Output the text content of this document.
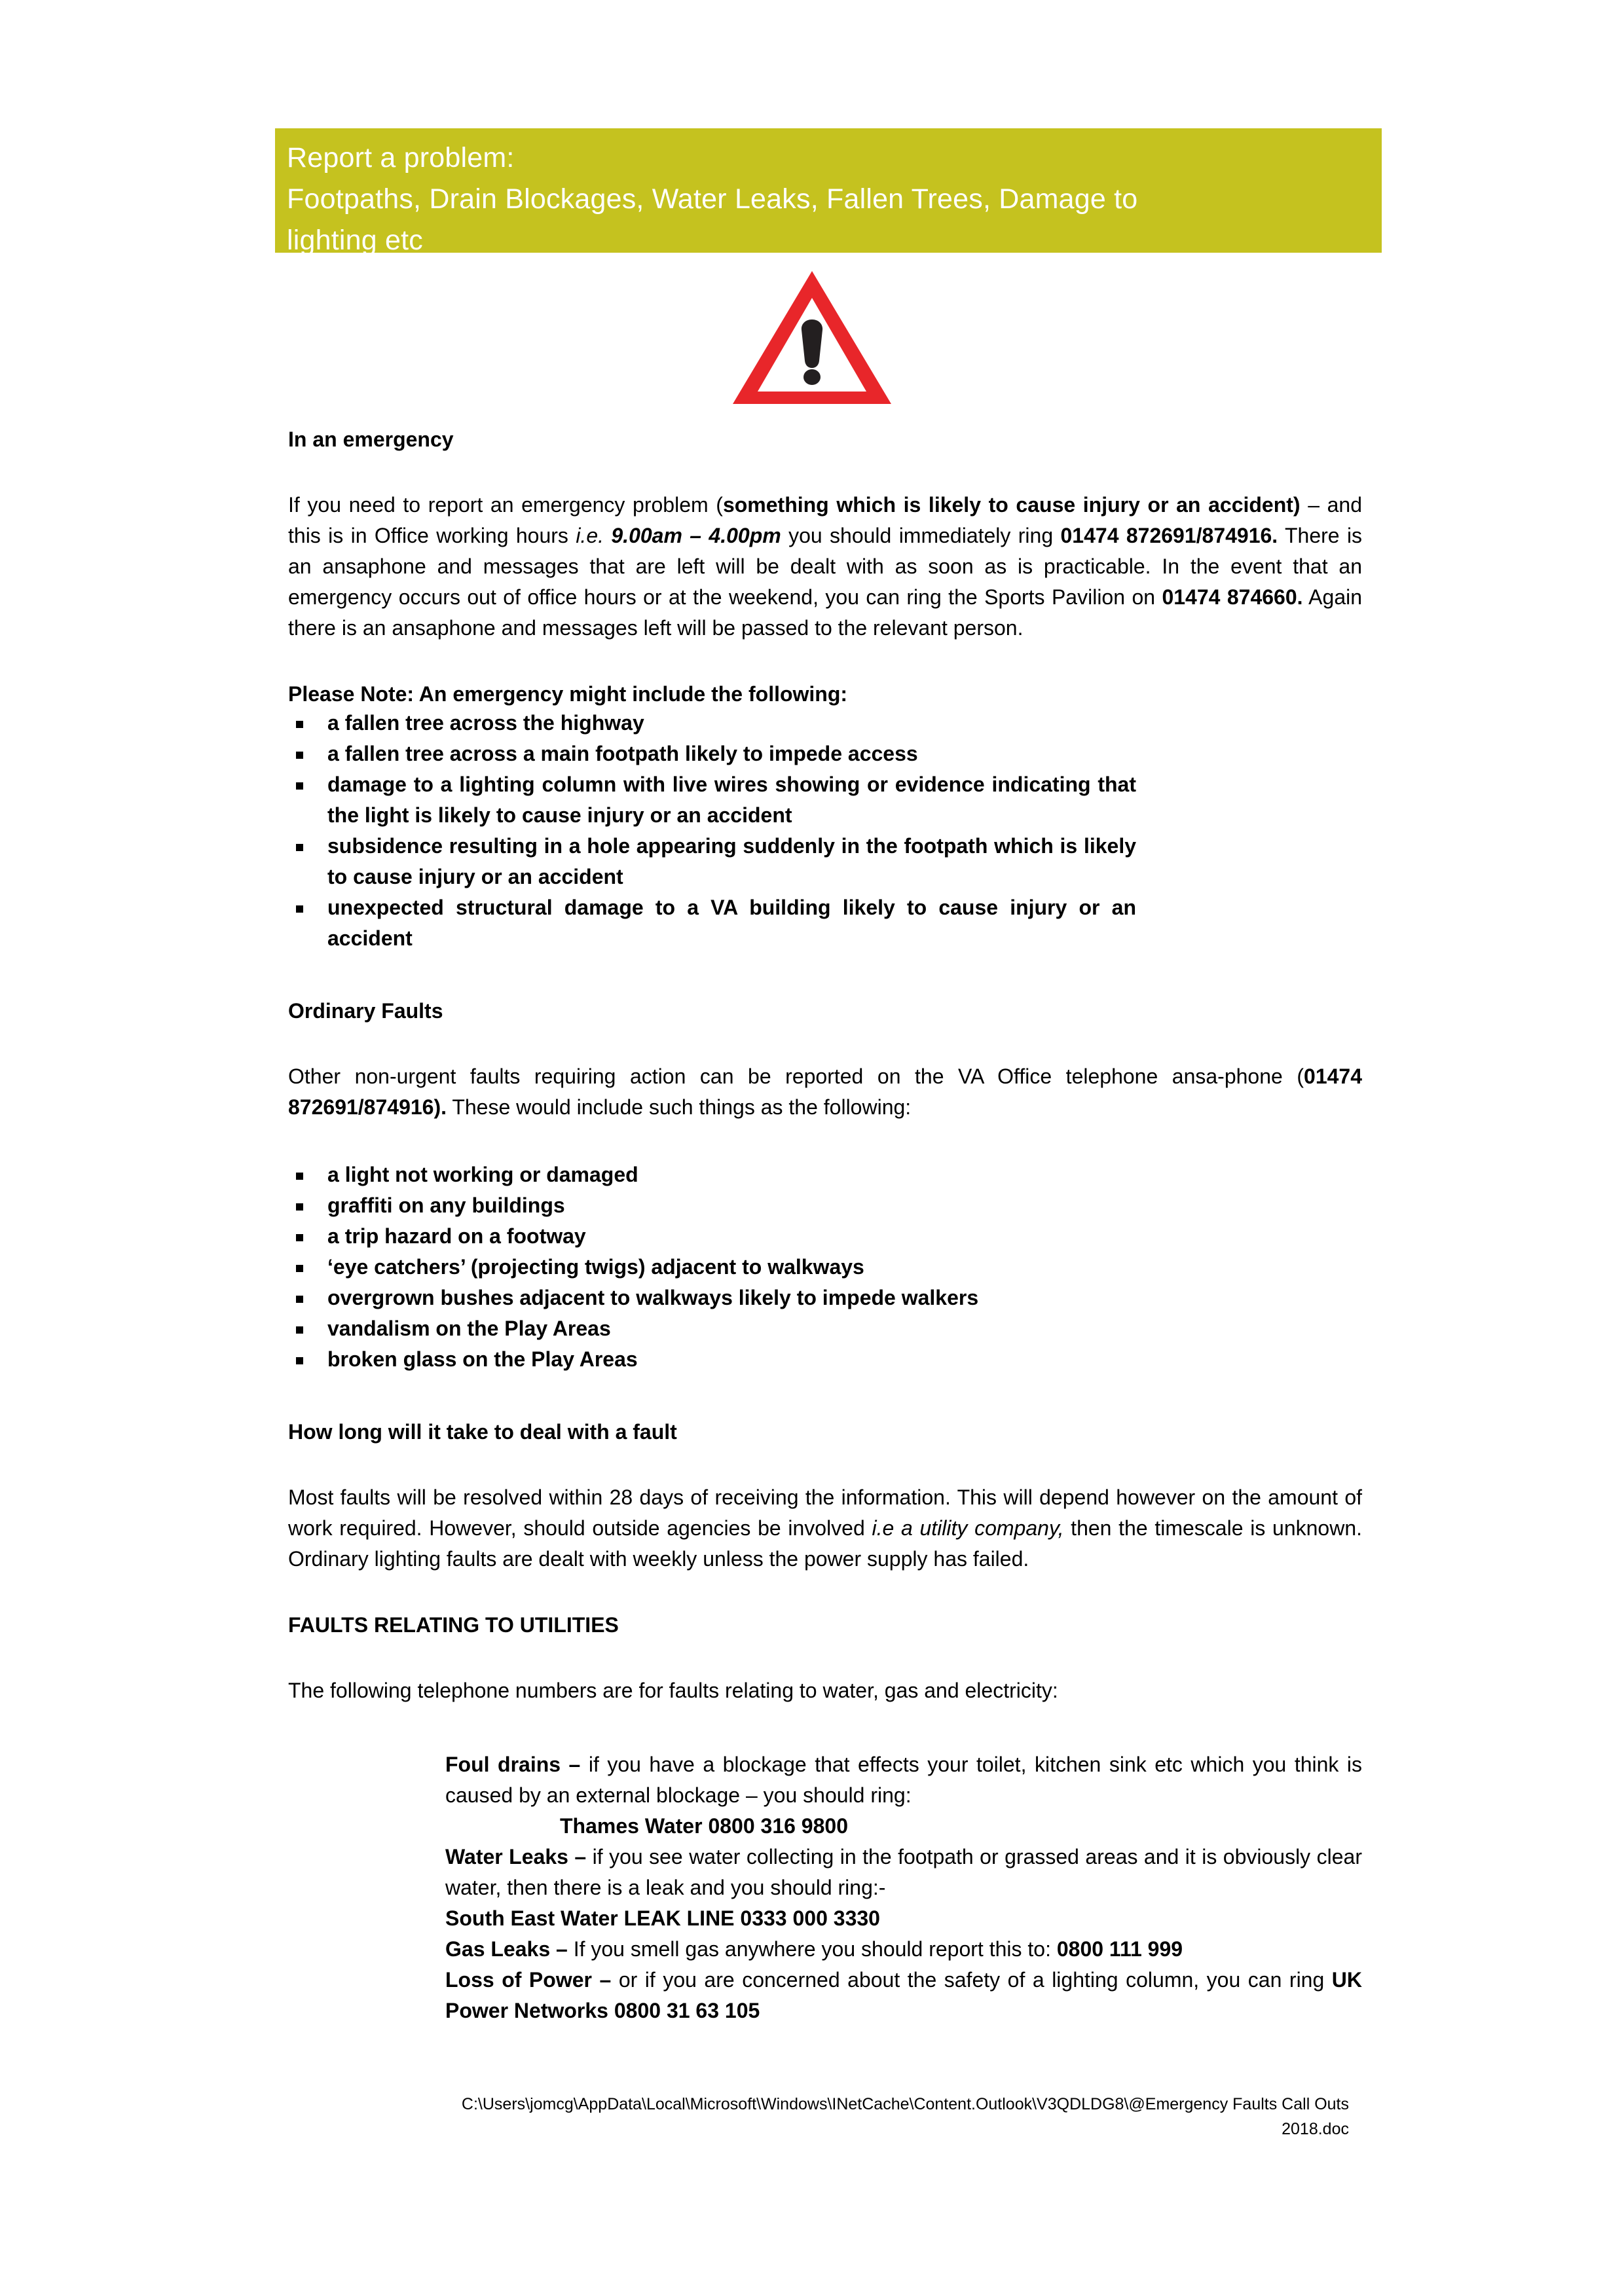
Report a problem:
Footpaths, Drain Blockages, Water Leaks, Fallen Trees, Damage to
lighting etc
In an emergency

If you need to report an emergency problem (something which is likely to cause injury or an accident) – and this is in Office working hours i.e. 9.00am – 4.00pm you should immediately ring 01474 872691/874916. There is an ansaphone and messages that are left will be dealt with as soon as is practicable. In the event that an emergency occurs out of office hours or at the weekend, you can ring the Sports Pavilion on 01474 874660. Again there is an ansaphone and messages left will be passed to the relevant person.

Please Note: An emergency might include the following:
a fallen tree across the highway
a fallen tree across a main footpath likely to impede access
damage to a lighting column with live wires showing or evidence indicating that the light is likely to cause injury or an accident
subsidence resulting in a hole appearing suddenly in the footpath which is likely to cause injury or an accident
unexpected structural damage to a VA building likely to cause injury or an accident
Ordinary Faults

Other non-urgent faults requiring action can be reported on the VA Office telephone ansa-phone (01474 872691/874916). These would include such things as the following:

a light not working or damaged
graffiti on any buildings
a trip hazard on a footway
‘eye catchers’ (projecting twigs) adjacent to walkways
overgrown bushes adjacent to walkways likely to impede walkers
vandalism on the Play Areas
broken glass on the Play Areas
How long will it take to deal with a fault

Most faults will be resolved within 28 days of receiving the information. This will depend however on the amount of work required. However, should outside agencies be involved i.e a utility company, then the timescale is unknown. Ordinary lighting faults are dealt with weekly unless the power supply has failed.

FAULTS RELATING TO UTILITIES

The following telephone numbers are for faults relating to water, gas and electricity:

Foul drains – if you have a blockage that effects your toilet, kitchen sink etc which you think is caused by an external blockage – you should ring:

Thames Water 0800 316 9800

Water Leaks – if you see water collecting in the footpath or grassed areas and it is obviously clear water, then there is a leak and you should ring:-

South East Water LEAK LINE 0333 000 3330

Gas Leaks – If you smell gas anywhere you should report this to: 0800 111 999

Loss of Power – or if you are concerned about the safety of a lighting column, you can ring UK Power Networks 0800 31 63 105

C:\Users\jomcg\AppData\Local\Microsoft\Windows\INetCache\Content.Outlook\V3QDLDG8\@Emergency Faults Call Outs
2018.doc
